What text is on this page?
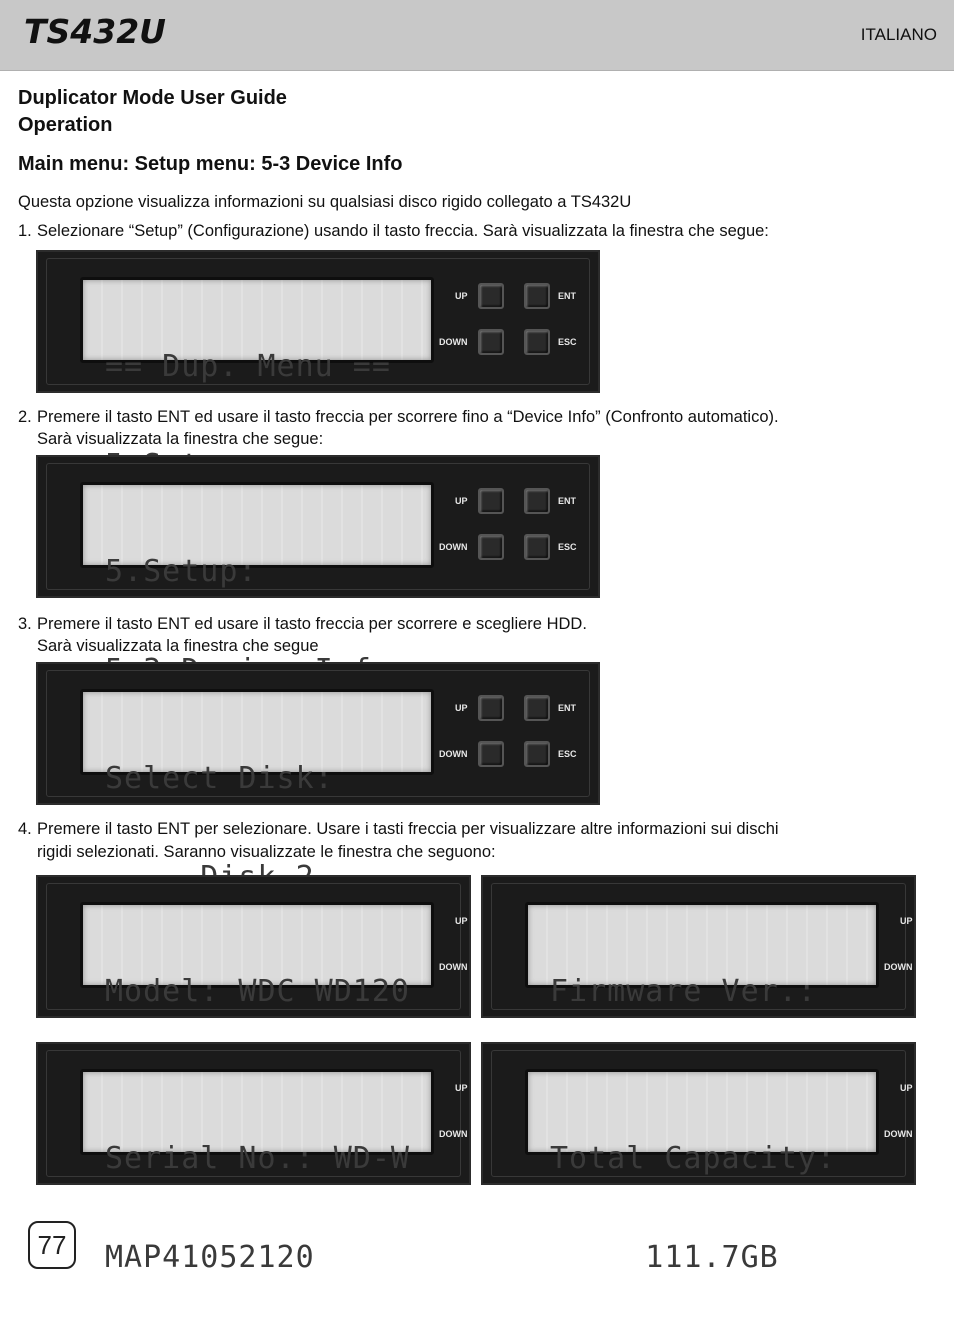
TS432U	ITALIANO
Duplicator Mode User Guide
Operation
Main menu: Setup menu: 5-3 Device Info
Questa opzione visualizza informazioni su qualsiasi disco rigido collegato a TS432U
1. Selezionare “Setup” (Configurazione) usando il tasto freccia. Sarà visualizzata la finestra che segue:

== Dup. Menu ==

UP	ENT
DOWN	ESC
2. Premere il tasto ENT ed usare il tasto freccia per scorrere fino a “Device Info” (Confronto automatico).
Sarà visualizzata la finestra che segue:

5.Setup:

UP	ENT
DOWN	ESC
3. Premere il tasto ENT ed usare il tasto freccia per scorrere e scegliere HDD.
Sarà visualizzata la finestra che segue

Select Disk:

UP	ENT
DOWN	ESC
4. Premere il tasto ENT per selezionare. Usare i tasti freccia per visualizzare altre informazioni sui dischi
rigidi selezionati. Saranno visualizzate le finestra che seguono:

Model: WDC WD120

UP
DOWN

Firmware Ver.:

UP
DOWN

Serial No.: WD-W

MAP41052120

UP
DOWN

Total Capacity:

111.7GB

UP
DOWN
77
